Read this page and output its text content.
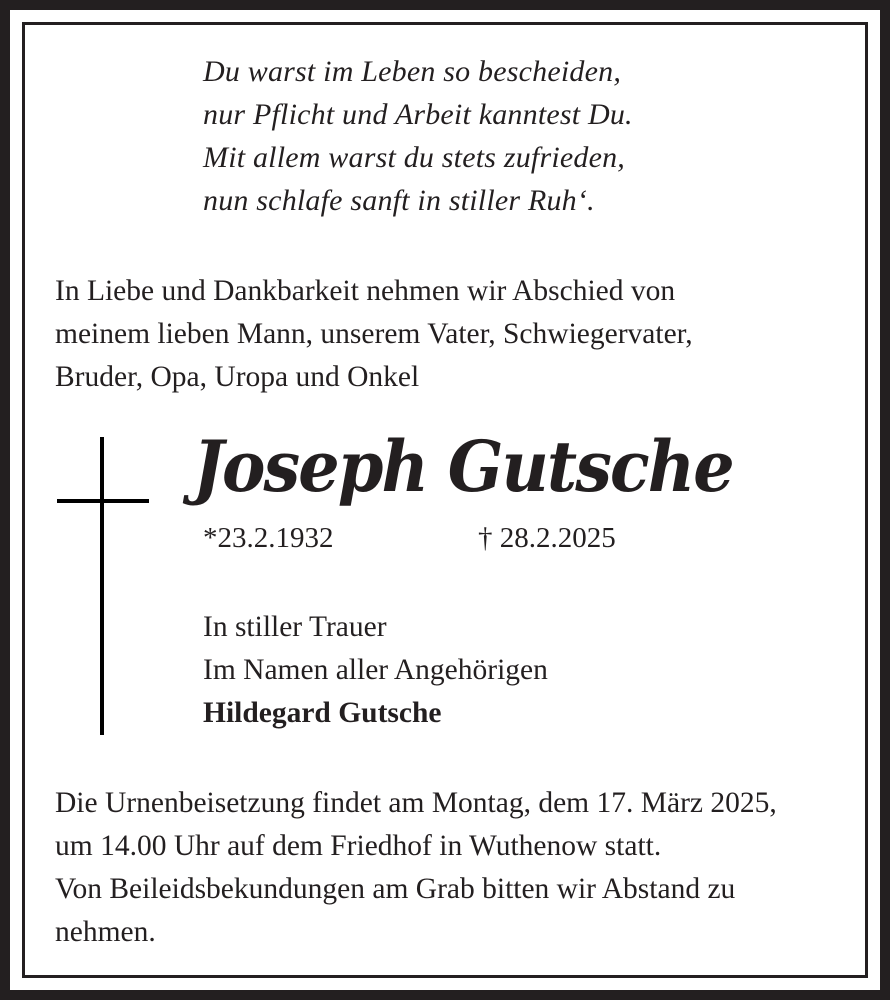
Du warst im Leben so bescheiden,
nur Pflicht und Arbeit kanntest Du.
Mit allem warst du stets zufrieden,
nun schlafe sanft in stiller Ruh‘.
In Liebe und Dankbarkeit nehmen wir Abschied von
meinem lieben Mann, unserem Vater, Schwiegervater,
Bruder, Opa, Uropa und Onkel
Joseph Gutsche
*23.2.1932	† 28.2.2025
In stiller Trauer
Im Namen aller Angehörigen
Hildegard Gutsche
Die Urnenbeisetzung findet am Montag, dem 17. März 2025,
um 14.00 Uhr auf dem Friedhof in Wuthenow statt.
Von Beileidsbekundungen am Grab bitten wir Abstand zu
nehmen.
